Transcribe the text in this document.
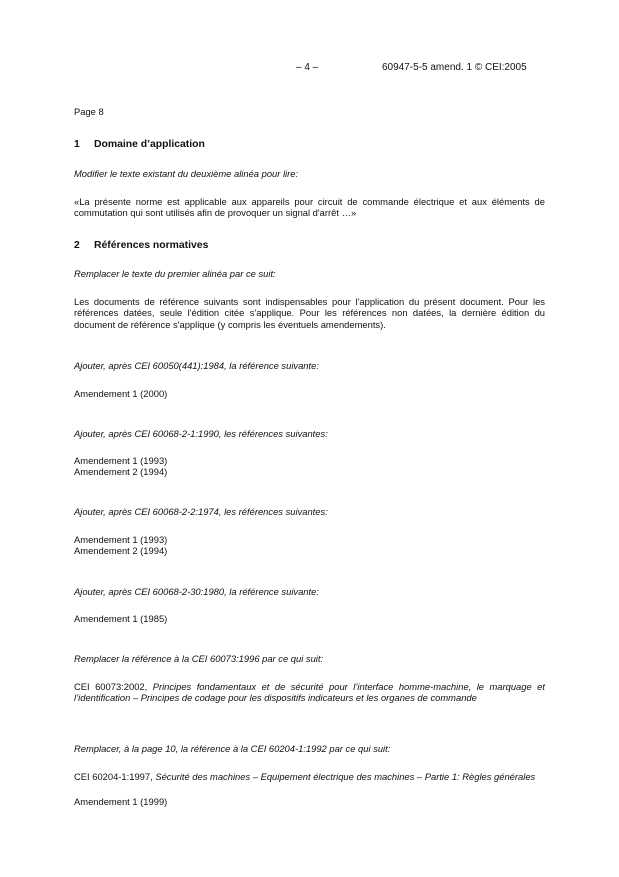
– 4 –	60947-5-5 amend. 1 © CEI:2005
Page 8
1 Domaine d’application
Modifier le texte existant du deuxième alinéa pour lire:
«La présente norme est applicable aux appareils pour circuit de commande électrique et aux éléments de commutation qui sont utilisés afin de provoquer un signal d'arrêt …»
2 Références normatives
Remplacer le texte du premier alinéa par ce suit:
Les documents de référence suivants sont indispensables pour l'application du présent document. Pour les références datées, seule l'édition citée s'applique. Pour les références non datées, la dernière édition du document de référence s'applique (y compris les éventuels amendements).
Ajouter, après CEI 60050(441):1984, la référence suivante:
Amendement 1 (2000)
Ajouter, après CEI 60068-2-1:1990, les références suivantes:
Amendement 1 (1993)
Amendement 2 (1994)
Ajouter, après CEI 60068-2-2:1974, les références suivantes:
Amendement 1 (1993)
Amendement 2 (1994)
Ajouter, après CEI 60068-2-30:1980, la référence suivante:
Amendement 1 (1985)
Remplacer la référence à la CEI 60073:1996 par ce qui suit:
CEI 60073:2002, Principes fondamentaux et de sécurité pour l’interface homme-machine, le marquage et l’identification – Principes de codage pour les dispositifs indicateurs et les organes de commande
Remplacer, à la page 10, la référence à la CEI 60204-1:1992 par ce qui suit:
CEI 60204-1:1997, Sécurité des machines – Equipement électrique des machines – Partie 1: Règles générales
Amendement 1 (1999)
